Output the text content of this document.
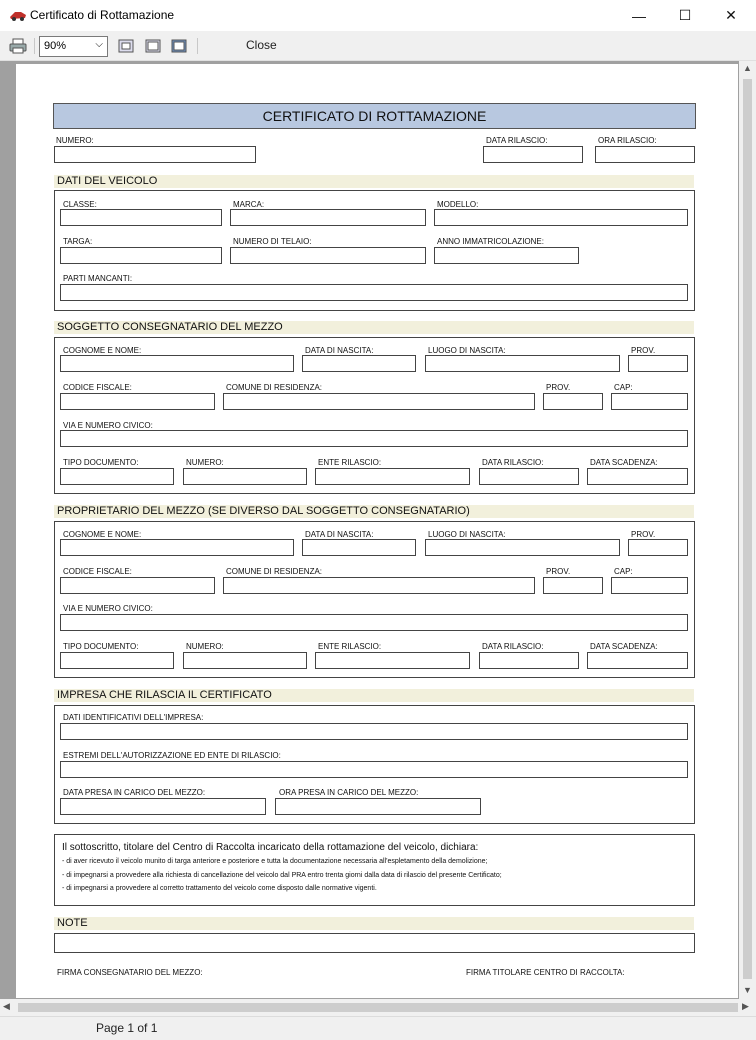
Certificato di Rottamazione	— ☐ ✕
90%	⌵	Close
CERTIFICATO DI ROTTAMAZIONE
NUMERO:	DATA RILASCIO:	ORA RILASCIO:
DATI DEL VEICOLO
CLASSE:	MARCA:	MODELLO:
TARGA:	NUMERO DI TELAIO:	ANNO IMMATRICOLAZIONE:
PARTI MANCANTI:
SOGGETTO CONSEGNATARIO DEL MEZZO
COGNOME E NOME:	DATA DI NASCITA:	LUOGO DI NASCITA:	PROV.
CODICE FISCALE:	COMUNE DI RESIDENZA:	PROV.	CAP:
VIA E NUMERO CIVICO:
TIPO DOCUMENTO:	NUMERO:	ENTE RILASCIO:	DATA RILASCIO:	DATA SCADENZA:
PROPRIETARIO DEL MEZZO (SE DIVERSO DAL SOGGETTO CONSEGNATARIO)
COGNOME E NOME:	DATA DI NASCITA:	LUOGO DI NASCITA:	PROV.
CODICE FISCALE:	COMUNE DI RESIDENZA:	PROV.	CAP:
VIA E NUMERO CIVICO:
TIPO DOCUMENTO:	NUMERO:	ENTE RILASCIO:	DATA RILASCIO:	DATA SCADENZA:
IMPRESA CHE RILASCIA IL CERTIFICATO
DATI IDENTIFICATIVI DELL'IMPRESA:
ESTREMI DELL'AUTORIZZAZIONE ED ENTE DI RILASCIO:
DATA PRESA IN CARICO DEL MEZZO:	ORA PRESA IN CARICO DEL MEZZO:
Il sottoscritto, titolare del Centro di Raccolta incaricato della rottamazione del veicolo, dichiara:
- di aver ricevuto il veicolo munito di targa anteriore e posteriore e tutta la documentazione necessaria all'espletamento della demolizione;
- di impegnarsi a provvedere alla richiesta di cancellazione del veicolo dal PRA entro trenta giorni dalla data di rilascio del presente Certificato;
- di impegnarsi a provvedere al corretto trattamento del veicolo come disposto dalle normative vigenti.
NOTE
FIRMA CONSEGNATARIO DEL MEZZO:	FIRMA TITOLARE CENTRO DI RACCOLTA:
▲
▼
◀	▶
Page 1 of 1
